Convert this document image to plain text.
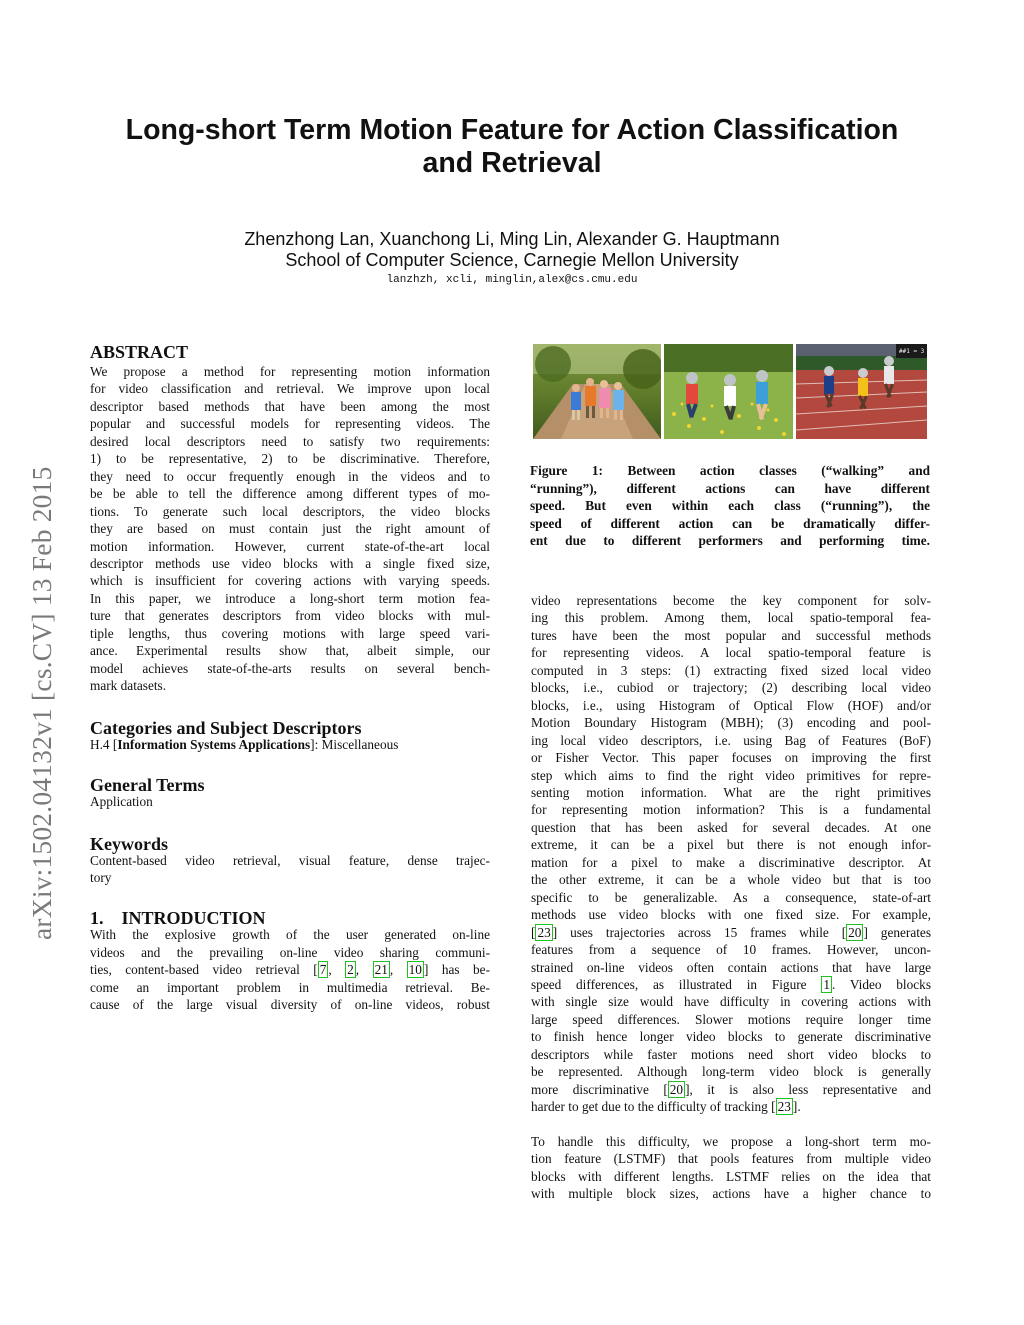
Long-short Term Motion Feature for Action Classification
and Retrieval
Zhenzhong Lan, Xuanchong Li, Ming Lin, Alexander G. Hauptmann
School of Computer Science, Carnegie Mellon University
lanzhzh, xcli, minglin,alex@cs.cmu.edu
arXiv:1502.04132v1 [cs.CV] 13 Feb 2015
ABSTRACT

We propose a method for representing motion information

for video classification and retrieval. We improve upon local

descriptor based methods that have been among the most

popular and successful models for representing videos. The

desired local descriptors need to satisfy two requirements:

1) to be representative, 2) to be discriminative. Therefore,

they need to occur frequently enough in the videos and to

be be able to tell the difference among different types of mo-

tions. To generate such local descriptors, the video blocks

they are based on must contain just the right amount of

motion information. However, current state-of-the-art local

descriptor methods use video blocks with a single fixed size,

which is insufficient for covering actions with varying speeds.

In this paper, we introduce a long-short term motion fea-

ture that generates descriptors from video blocks with mul-

tiple lengths, thus covering motions with large speed vari-

ance. Experimental results show that, albeit simple, our

model achieves state-of-the-arts results on several bench-

mark datasets.

Categories and Subject Descriptors

H.4 [Information Systems Applications]: Miscellaneous

General Terms

Application

Keywords

Content-based video retrieval, visual feature, dense trajec-

tory

1.    INTRODUCTION

With the explosive growth of the user generated on-line

videos and the prevailing on-line video sharing communi-

ties, content-based video retrieval [ 7 , 2 , 21 , 10 ] has be-

come an important problem in multimedia retrieval. Be-

cause of the large visual diversity of on-line videos, robust

##1 = 3

Figure 1: Between action classes (“walking” and

“running”), different actions can have different

speed. But even within each class (“running”), the

speed of different action can be dramatically differ-

ent due to different performers and performing time.

video representations become the key component for solv-

ing this problem. Among them, local spatio-temporal fea-

tures have been the most popular and successful methods

for representing videos. A local spatio-temporal feature is

computed in 3 steps: (1) extracting fixed sized local video

blocks, i.e., cubiod or trajectory; (2) describing local video

blocks, i.e., using Histogram of Optical Flow (HOF) and/or

Motion Boundary Histogram (MBH); (3) encoding and pool-

ing local video descriptors, i.e. using Bag of Features (BoF)

or Fisher Vector. This paper focuses on improving the first

step which aims to find the right video primitives for repre-

senting motion information. What are the right primitives

for representing motion information? This is a fundamental

question that has been asked for several decades. At one

extreme, it can be a pixel but there is not enough infor-

mation for a pixel to make a discriminative descriptor. At

the other extreme, it can be a whole video but that is too

specific to be generalizable. As a consequence, state-of-art

methods use video blocks with one fixed size. For example,

[ 23 ] uses trajectories across 15 frames while [ 20 ] generates

features from a sequence of 10 frames. However, uncon-

strained on-line videos often contain actions that have large

speed differences, as illustrated in Figure 1 . Video blocks

with single size would have difficulty in covering actions with

large speed differences. Slower motions require longer time

to finish hence longer video blocks to generate discriminative

descriptors while faster motions need short video blocks to

be represented. Although long-term video block is generally

more discriminative [ 20 ], it is also less representative and

harder to get due to the difficulty of tracking [ 23 ].

To handle this difficulty, we propose a long-short term mo-

tion feature (LSTMF) that pools features from multiple video

blocks with different lengths. LSTMF relies on the idea that

with multiple block sizes, actions have a higher chance to
